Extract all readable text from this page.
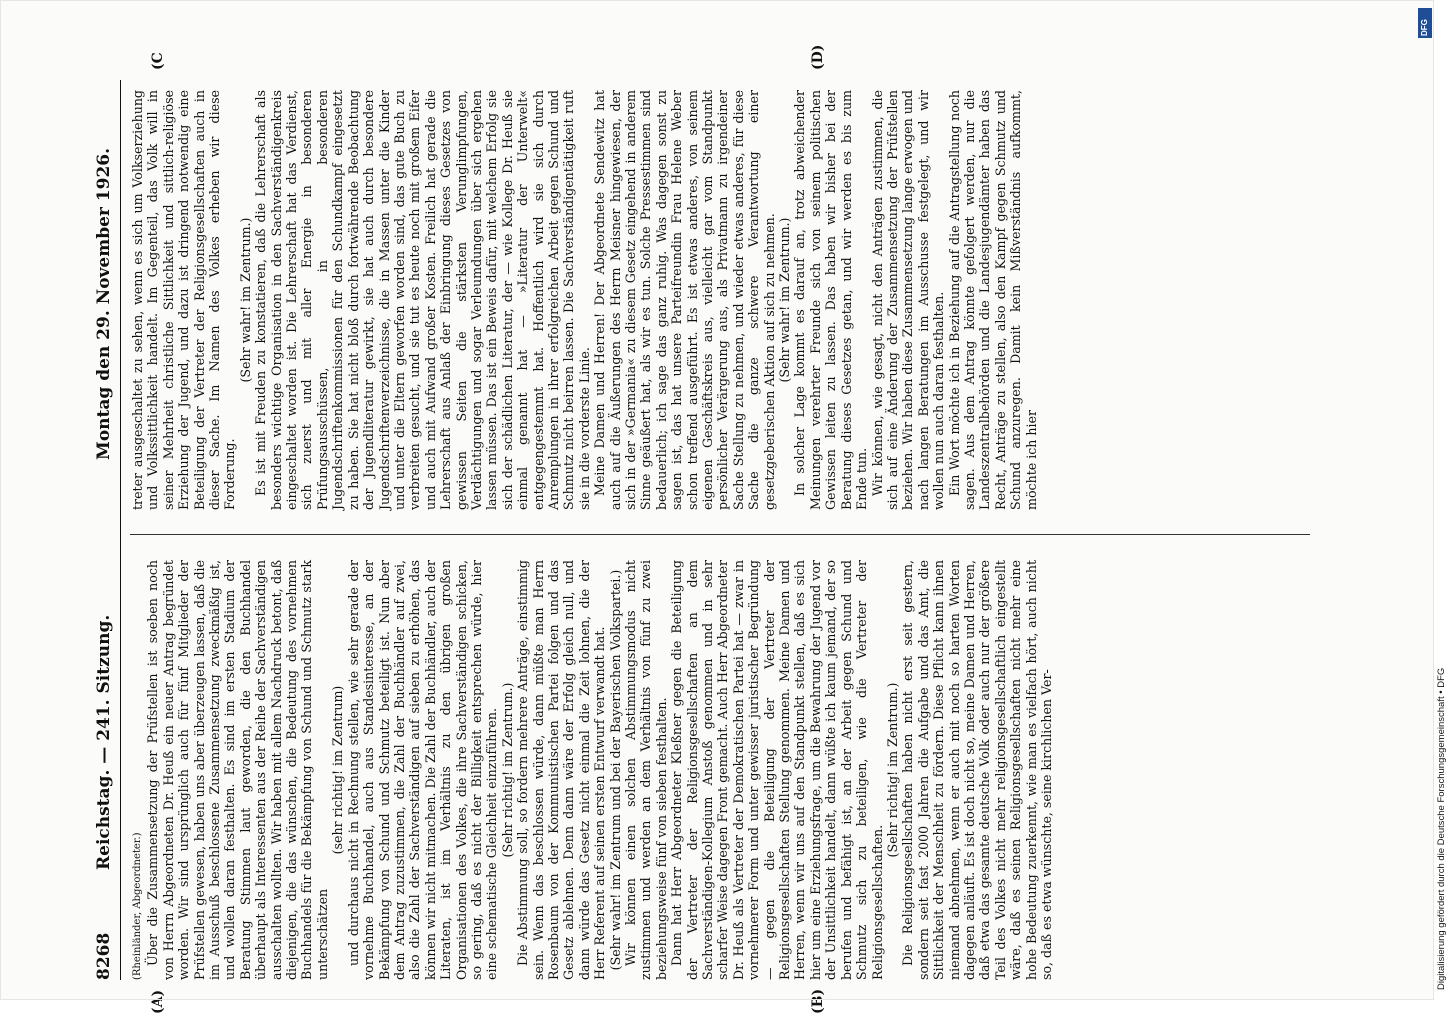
8268
Reichstag. — 241. Sitzung.
Montag den 29. November 1926.

(Rheinländer, Abgeordneter.) Über die Zusammensetzung der Prüfstellen ist soeben noch von Herrn Abgeordneten Dr. Heuß ein neuer Antrag begründet worden. Wir sind ursprünglich auch für fünf Mitglieder der Prüfstellen gewesen, haben uns aber überzeugen lassen, daß die im Ausschuß beschlossene Zusammensetzung zweckmäßig ist, und wollen daran festhalten. Es sind im ersten Stadium der Beratung Stimmen laut geworden, die den Buchhandel überhaupt als Interessenten aus der Reihe der Sachverständigen ausschalten wollten. Wir haben mit allem Nachdruck betont, daß diejenigen, die das wünschen, die Bedeutung des vornehmen Buchhandels für die Bekämpfung von Schund und Schmutz stark unterschätzen

(sehr richtig! im Zentrum) und durchaus nicht in Rechnung stellen, wie sehr gerade der vornehme Buchhandel, auch aus Standesinteresse, an der Bekämpfung von Schund und Schmutz beteiligt ist. Nun aber dem Antrag zuzustimmen, die Zahl der Buchhändler auf zwei, also die Zahl der Sachverständigen auf sieben zu erhöhen, das können wir nicht mitmachen. Die Zahl der Buchhändler, auch der Literaten, ist im Verhältnis zu den übrigen großen Organisationen des Volkes, die ihre Sachverständigen schicken, so gering, daß es nicht der Billigkeit entsprechen würde, hier eine schematische Gleichheit einzuführen. (Sehr richtig! im Zentrum.) Die Abstimmung soll, so fordern mehrere Anträge, einstimmig sein. Wenn das beschlossen würde, dann müßte man Herrn Rosenbaum von der Kommunistischen Partei folgen und das Gesetz ablehnen. Denn dann wäre der Erfolg gleich null, und dann würde das Gesetz nicht einmal die Zeit lohnen, die der Herr Referent auf seinen ersten Entwurf verwandt hat. (Sehr wahr! im Zentrum und bei der Bayerischen Volkspartei.) Wir können einen solchen Abstimmungsmodus nicht zustimmen und werden an dem Verhältnis von fünf zu zwei beziehungsweise fünf von sieben festhalten. Dann hat Herr Abgeordneter Kleßner gegen die Beteiligung der Vertreter der Religionsgesellschaften an dem Sachverständigen-Kollegium Anstoß genommen und in sehr scharfer Weise dagegen Front gemacht. Auch Herr Abgeordneter Dr. Heuß als Vertreter der Demokratischen Partei hat — zwar in vornehmerer Form und unter gewisser juristischer Begründung — gegen die Beteiligung der Vertreter der Religionsgesellschaften Stellung genommen. Meine Damen und Herren, wenn wir uns auf den Standpunkt stellen, daß es sich hier um eine Erziehungsfrage, um die Bewahrung der Jugend vor der Unsittlichkeit handelt, dann wüßte ich kaum jemand, der so berufen und befähigt ist, an der Arbeit gegen Schund und Schmutz sich zu beteiligen, wie die Vertreter der Religionsgesellschaften.

(Sehr richtig! im Zentrum.) Die Religionsgesellschaften haben nicht erst seit gestern, sondern seit fast 2000 Jahren die Aufgabe und das Amt, die Sittlichkeit der Menschheit zu fördern. Diese Pflicht kann ihnen niemand abnehmen, wenn er auch mit noch so harten Worten dagegen anläuft. Es ist doch nicht so, meine Damen und Herren, daß etwa das gesamte deutsche Volk oder auch nur der größere Teil des Volkes nicht mehr religionsgesellschaftlich eingestellt wäre, daß es seinen Religionsgesellschaften nicht mehr eine hohe Bedeutung zuerkennt, wie man es vielfach hört, auch nicht so, daß es etwa wünschte, seine kirchlichen Ver-

treter ausgeschaltet zu sehen, wenn es sich um Volkserziehung und Volkssittlichkeit handelt. Im Gegenteil, das Volk will in seiner Mehrheit christliche Sittlichkeit und sittlich-religiöse Erziehung der Jugend, und dazu ist dringend notwendig eine Beteiligung der Vertreter der Religionsgesellschaften auch in dieser Sache. Im Namen des Volkes erheben wir diese Forderung.

(Sehr wahr! im Zentrum.) Es ist mit Freuden zu konstatieren, daß die Lehrerschaft als besonders wichtige Organisation in den Sachverständigenkreis eingeschaltet worden ist. Die Lehrerschaft hat das Verdienst, sich zuerst und mit aller Energie in besonderen Prüfungsausschüssen, in besonderen Jugendschriftenkommissionen für den Schundkampf eingesetzt zu haben. Sie hat nicht bloß durch fortwährende Beobachtung der Jugendliteratur gewirkt, sie hat auch durch besondere Jugendschriftenverzeichnisse, die in Massen unter die Kinder und unter die Eltern geworfen worden sind, das gute Buch zu verbreiten gesucht, und sie tut es heute noch mit großem Eifer und auch mit Aufwand großer Kosten. Freilich hat gerade die Lehrerschaft aus Anlaß der Einbringung dieses Gesetzes von gewissen Seiten die stärksten Verunglimpfungen, Verdächtigungen und sogar Verleumdungen über sich ergehen lassen müssen. Das ist ein Beweis dafür, mit welchem Erfolg sie sich der schädlichen Literatur, der — wie Kollege Dr. Heuß sie einmal genannt hat — »Literatur der Unterwelt« entgegengestemmt hat. Hoffentlich wird sie sich durch Anremplungen in ihrer erfolgreichen Arbeit gegen Schund und Schmutz nicht beirren lassen. Die Sachverständigentätigkeit ruft sie in die vorderste Linie. Meine Damen und Herren! Der Abgeordnete Sendewitz hat auch auf die Äußerungen des Herrn Meisner hingewiesen, der sich in der »Germania« zu diesem Gesetz eingehend in anderem Sinne geäußert hat, als wir es tun. Solche Pressestimmen sind bedauerlich; ich sage das ganz ruhig. Was dagegen sonst zu sagen ist, das hat unsere Parteifreundin Frau Helene Weber schon treffend ausgeführt. Es ist etwas anderes, von seinem eigenen Geschäftskreis aus, vielleicht gar vom Standpunkt persönlicher Verärgerung aus, als Privatmann zu irgendeiner Sache Stellung zu nehmen, und wieder etwas anderes, für diese Sache die ganze schwere Verantwortung einer gesetzgeberischen Aktion auf sich zu nehmen. (Sehr wahr! im Zentrum.) In solcher Lage kommt es darauf an, trotz abweichender Meinungen verehrter Freunde sich von seinem politischen Gewissen leiten zu lassen. Das haben wir bisher bei der Beratung dieses Gesetzes getan, und wir werden es bis zum Ende tun. Wir können, wie gesagt, nicht den Anträgen zustimmen, die sich auf eine Änderung der Zusammensetzung der Prüfstellen beziehen. Wir haben diese Zusammensetzung lange erwogen und nach langen Beratungen im Ausschusse festgelegt, und wir wollen nun auch daran festhalten. Ein Wort möchte ich in Beziehung auf die Antragstellung noch sagen. Aus dem Antrag könnte gefolgert werden, nur die Landeszentralbehörden und die Landesjugendämter haben das Recht, Anträge zu stellen, also den Kampf gegen Schmutz und Schund anzuregen. Damit kein Mißverständnis aufkommt, möchte ich hier

(A)	(B)
(C	(D)
DFG
Digitalisierung gefördert durch die Deutsche Forschungsgemeinschaft • DFG
